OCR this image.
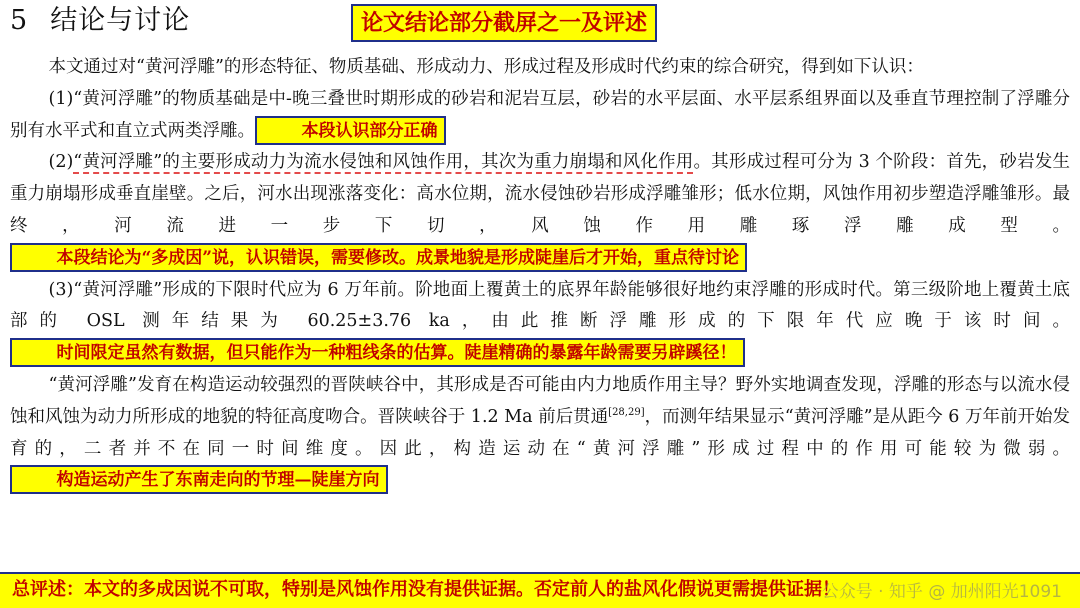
5 结论与讨论	论文结论部分截屏之一及评述

本文通过对“黄河浮雕”的形态特征、物质基础、形成动力、形成过程及形成时代约束的综合研究，得到如下认识：

(1)“黄河浮雕”的物质基础是中-晚三叠世时期形成的砂岩和泥岩互层，砂岩的水平层面、水平层系组界面以及垂直节理控制了浮雕分别有水平式和直立式两类浮雕。	本段认识部分正确

(2)“黄河浮雕”的主要形成动力为流水侵蚀和风蚀作用，其次为重力崩塌和风化作用。其形成过程可分为 3 个阶段：首先，砂岩发生重力崩塌形成垂直崖壁。之后，河水出现涨落变化：高水位期，流水侵蚀砂岩形成浮雕雏形；低水位期，风蚀作用初步塑造浮雕雏形。最终，河流进一步下切，风蚀作用雕琢浮雕成型。本段结论为“多成因”说，认识错误，需要修改。成景地貌是形成陡崖后才开始，重点待讨论

(3)“黄河浮雕”形成的下限时代应为 6 万年前。阶地面上覆黄土的底界年龄能够很好地约束浮雕的形成时代。第三级阶地上覆黄土底部的 OSL 测年结果为 60.25±3.76 ka，由此推断浮雕形成的下限年代应晚于该时间。时间限定虽然有数据，但只能作为一种粗线条的估算。陡崖精确的暴露年龄需要另辟蹊径！

“黄河浮雕”发育在构造运动较强烈的晋陕峡谷中，其形成是否可能由内力地质作用主导？野外实地调查发现，浮雕的形态与以流水侵蚀和风蚀为动力所形成的地貌的特征高度吻合。晋陕峡谷于 1.2 Ma 前后贯通[28,29]，而测年结果显示“黄河浮雕”是从距今 6 万年前开始发育的，二者并不在同一时间维度。因此，构造运动在“黄河浮雕”形成过程中的作用可能较为微弱。构造运动产生了东南走向的节理—陡崖方向

总评述：本文的多成因说不可取，特别是风蚀作用没有提供证据。否定前人的盐风化假说更需提供证据！
公众号 · 知乎 @ 加州阳光1091
